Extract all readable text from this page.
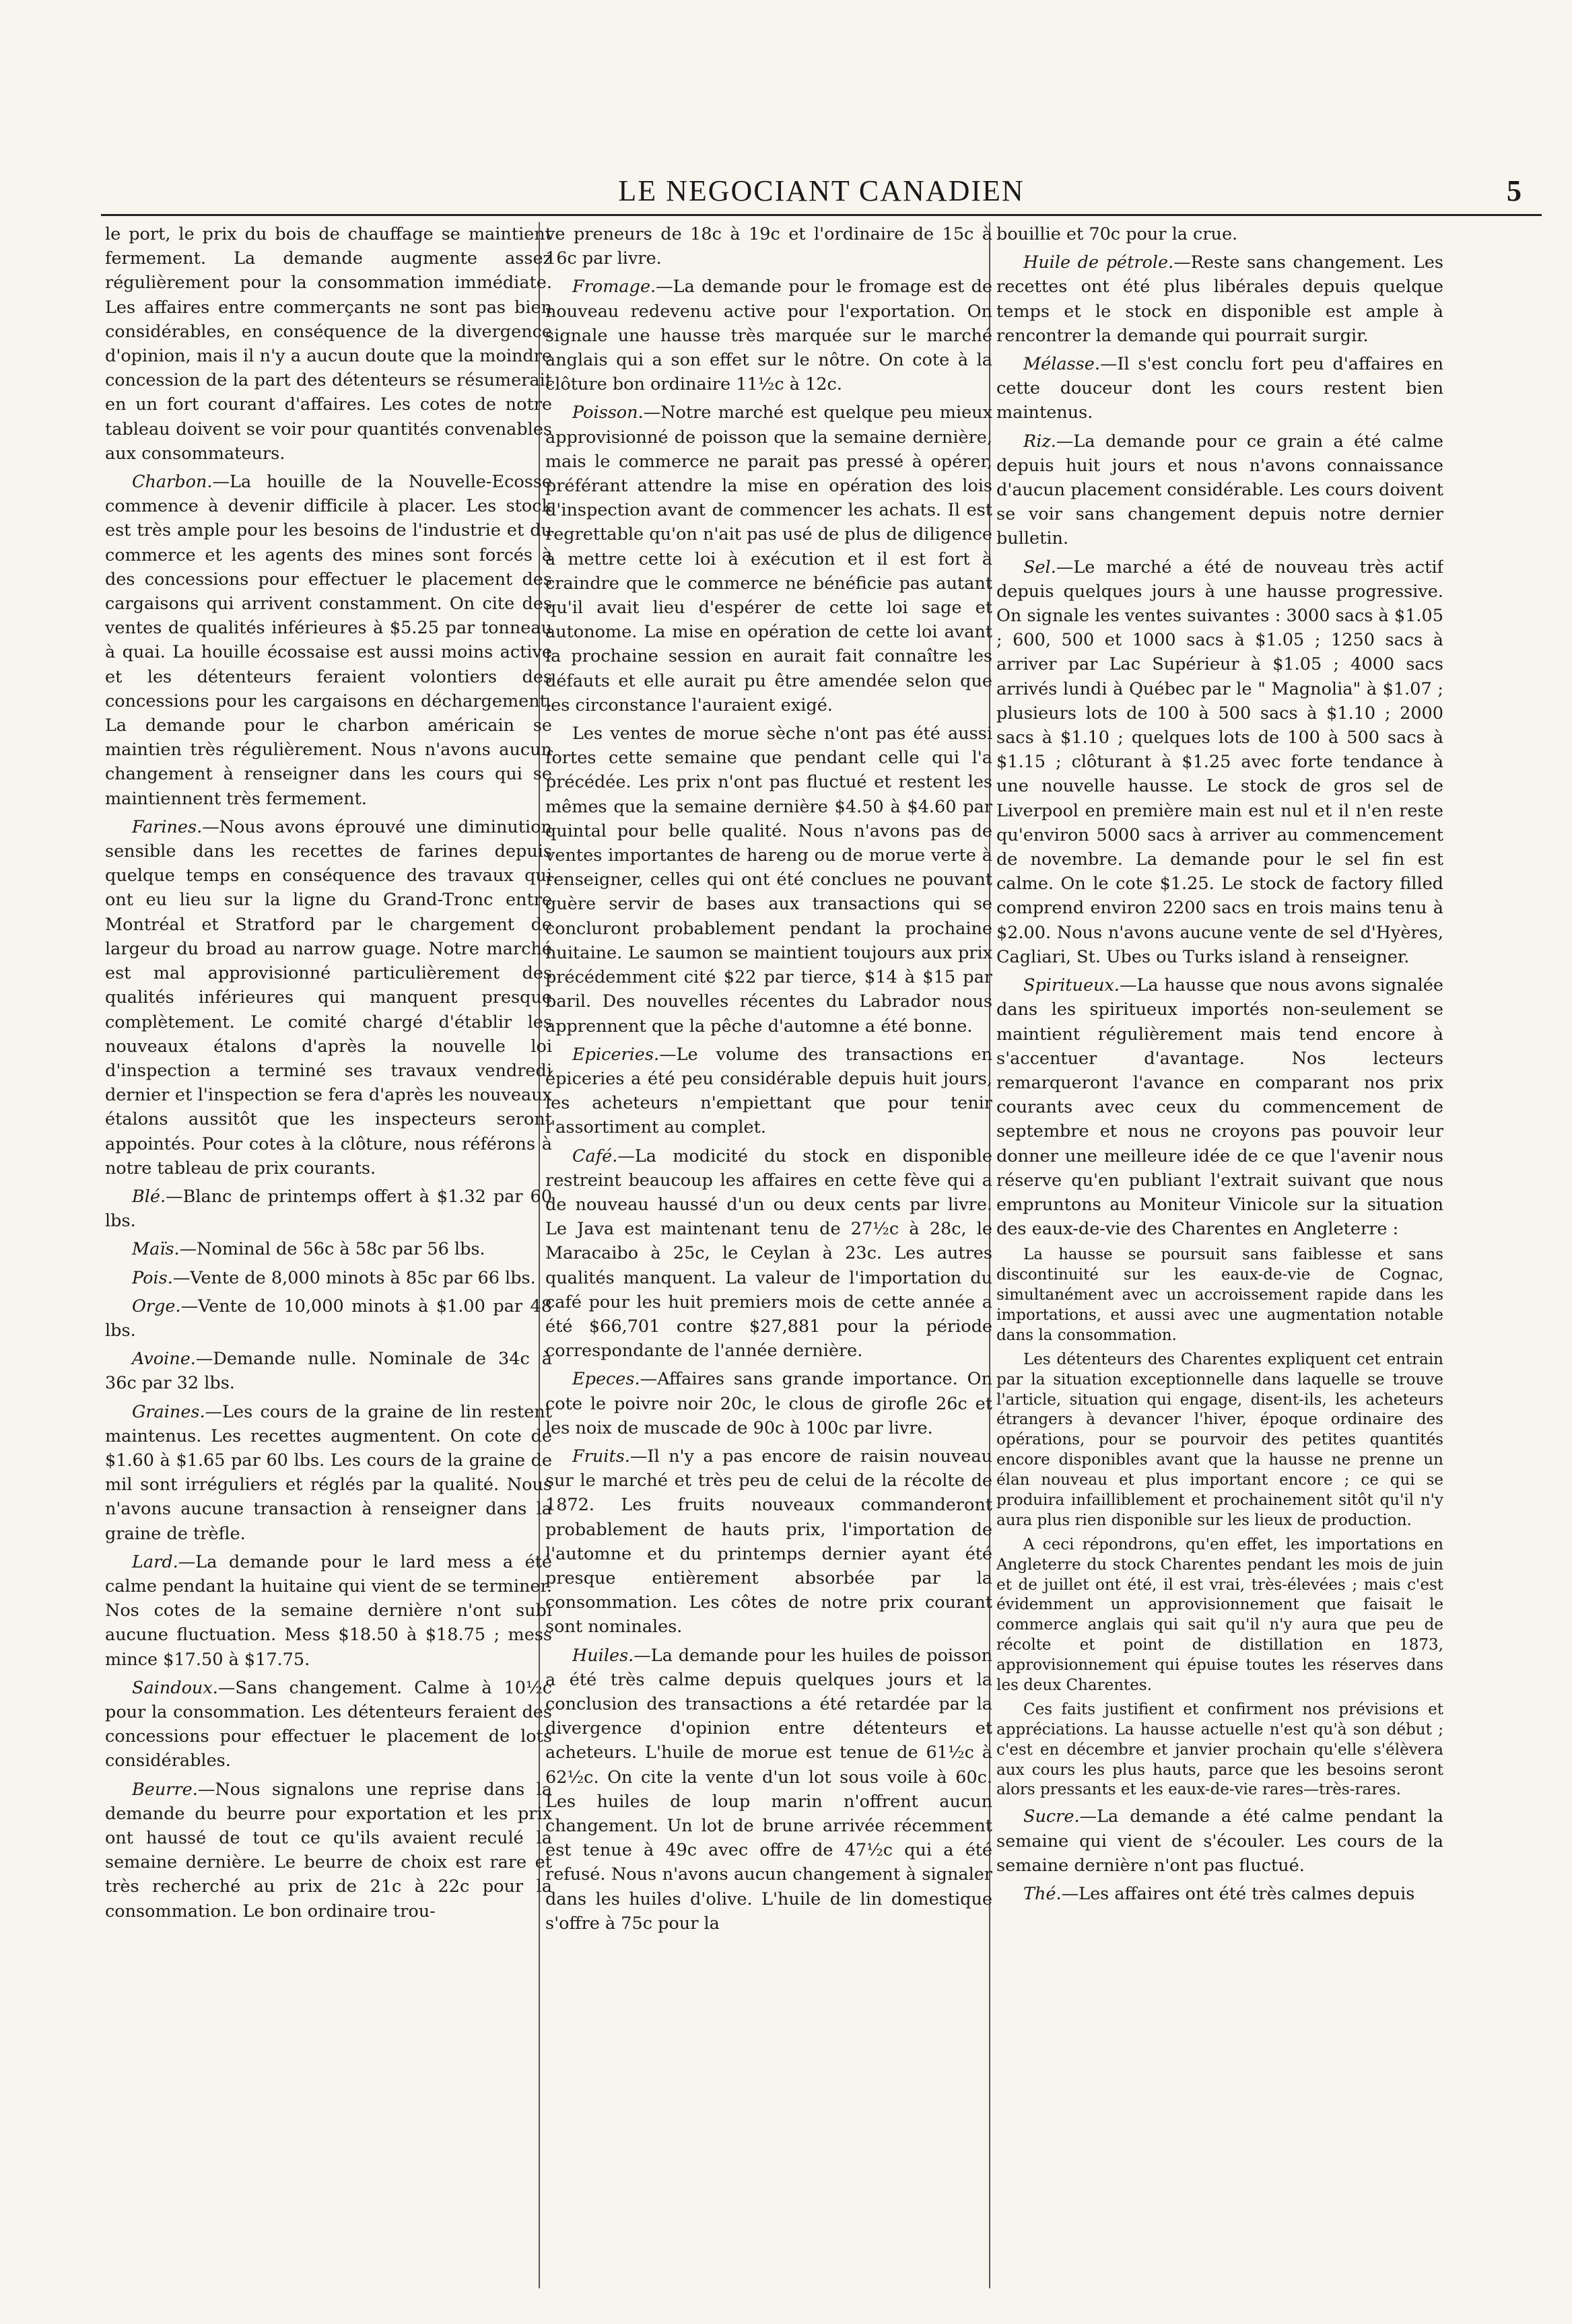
LE NEGOCIANT CANADIEN	5

le port, le prix du bois de chauffage se maintient fermement. La demande augmente assez régulièrement pour la consommation immédiate. Les affaires entre commerçants ne sont pas bien considérables, en conséquence de la divergence d'opinion, mais il n'y a aucun doute que la moindre concession de la part des détenteurs se résumerait en un fort courant d'affaires. Les cotes de notre tableau doivent se voir pour quantités convenables aux consommateurs.

Charbon.—La houille de la Nouvelle-Ecosse commence à devenir difficile à placer. Les stock est très ample pour les besoins de l'industrie et du commerce et les agents des mines sont forcés à des concessions pour effectuer le placement des cargaisons qui arrivent constamment. On cite des ventes de qualités inférieures à $5.25 par tonneau à quai. La houille écossaise est aussi moins active et les détenteurs feraient volontiers des concessions pour les cargaisons en déchargement. La demande pour le charbon américain se maintien très régulièrement. Nous n'avons aucun changement à renseigner dans les cours qui se maintiennent très fermement.

Farines.—Nous avons éprouvé une diminution sensible dans les recettes de farines depuis quelque temps en conséquence des travaux qui ont eu lieu sur la ligne du Grand-Tronc entre Montréal et Stratford par le chargement de largeur du broad au narrow guage. Notre marché est mal approvisionné particulièrement des qualités inférieures qui manquent presque complètement. Le comité chargé d'établir les nouveaux étalons d'après la nouvelle loi d'inspection a terminé ses travaux vendredi dernier et l'inspection se fera d'après les nouveaux étalons aussitôt que les inspecteurs seront appointés. Pour cotes à la clôture, nous référons à notre tableau de prix courants.

Blé.—Blanc de printemps offert à $1.32 par 60 lbs.

Maïs.—Nominal de 56c à 58c par 56 lbs.

Pois.—Vente de 8,000 minots à 85c par 66 lbs.

Orge.—Vente de 10,000 minots à $1.00 par 48 lbs.

Avoine.—Demande nulle. Nominale de 34c à 36c par 32 lbs.

Graines.—Les cours de la graine de lin restent maintenus. Les recettes augmentent. On cote de $1.60 à $1.65 par 60 lbs. Les cours de la graine de mil sont irréguliers et réglés par la qualité. Nous n'avons aucune transaction à renseigner dans la graine de trèfle.

Lard.—La demande pour le lard mess a été calme pendant la huitaine qui vient de se terminer. Nos cotes de la semaine dernière n'ont subi aucune fluctuation. Mess $18.50 à $18.75 ; mess mince $17.50 à $17.75.

Saindoux.—Sans changement. Calme à 10½c pour la consommation. Les détenteurs feraient des concessions pour effectuer le placement de lots considérables.

Beurre.—Nous signalons une reprise dans la demande du beurre pour exportation et les prix ont haussé de tout ce qu'ils avaient reculé la semaine dernière. Le beurre de choix est rare et très recherché au prix de 21c à 22c pour la consommation. Le bon ordinaire trou-

ve preneurs de 18c à 19c et l'ordinaire de 15c à 16c par livre.

Fromage.—La demande pour le fromage est de nouveau redevenu active pour l'exportation. On signale une hausse très marquée sur le marché anglais qui a son effet sur le nôtre. On cote à la clôture bon ordinaire 11½c à 12c.

Poisson.—Notre marché est quelque peu mieux approvisionné de poisson que la semaine dernière, mais le commerce ne parait pas pressé à opérer, préférant attendre la mise en opération des lois d'inspection avant de commencer les achats. Il est regrettable qu'on n'ait pas usé de plus de diligence à mettre cette loi à exécution et il est fort à craindre que le commerce ne bénéficie pas autant qu'il avait lieu d'espérer de cette loi sage et autonome. La mise en opération de cette loi avant la prochaine session en aurait fait connaître les défauts et elle aurait pu être amendée selon que les circonstance l'auraient exigé.

Les ventes de morue sèche n'ont pas été aussi fortes cette semaine que pendant celle qui l'a précédée. Les prix n'ont pas fluctué et restent les mêmes que la semaine dernière $4.50 à $4.60 par quintal pour belle qualité. Nous n'avons pas de ventes importantes de hareng ou de morue verte à renseigner, celles qui ont été conclues ne pouvant guère servir de bases aux transactions qui se concluront probablement pendant la prochaine huitaine. Le saumon se maintient toujours aux prix précédemment cité $22 par tierce, $14 à $15 par baril. Des nouvelles récentes du Labrador nous apprennent que la pêche d'automne a été bonne.

Epiceries.—Le volume des transactions en épiceries a été peu considérable depuis huit jours, les acheteurs n'empiettant que pour tenir l'assortiment au complet.

Café.—La modicité du stock en disponible restreint beaucoup les affaires en cette fève qui a de nouveau haussé d'un ou deux cents par livre. Le Java est maintenant tenu de 27½c à 28c, le Maracaibo à 25c, le Ceylan à 23c. Les autres qualités manquent. La valeur de l'importation du café pour les huit premiers mois de cette année a été $66,701 contre $27,881 pour la période correspondante de l'année dernière.

Epeces.—Affaires sans grande importance. On cote le poivre noir 20c, le clous de girofle 26c et les noix de muscade de 90c à 100c par livre.

Fruits.—Il n'y a pas encore de raisin nouveau sur le marché et très peu de celui de la récolte de 1872. Les fruits nouveaux commanderont probablement de hauts prix, l'importation de l'automne et du printemps dernier ayant été presque entièrement absorbée par la consommation. Les côtes de notre prix courant sont nominales.

Huiles.—La demande pour les huiles de poisson a été très calme depuis quelques jours et la conclusion des transactions a été retardée par la divergence d'opinion entre détenteurs et acheteurs. L'huile de morue est tenue de 61½c à 62½c. On cite la vente d'un lot sous voile à 60c. Les huiles de loup marin n'offrent aucun changement. Un lot de brune arrivée récemment est tenue à 49c avec offre de 47½c qui a été refusé. Nous n'avons aucun changement à signaler dans les huiles d'olive. L'huile de lin domestique s'offre à 75c pour la

bouillie et 70c pour la crue.

Huile de pétrole.—Reste sans changement. Les recettes ont été plus libérales depuis quelque temps et le stock en disponible est ample à rencontrer la demande qui pourrait surgir.

Mélasse.—Il s'est conclu fort peu d'affaires en cette douceur dont les cours restent bien maintenus.

Riz.—La demande pour ce grain a été calme depuis huit jours et nous n'avons connaissance d'aucun placement considérable. Les cours doivent se voir sans changement depuis notre dernier bulletin.

Sel.—Le marché a été de nouveau très actif depuis quelques jours à une hausse progressive. On signale les ventes suivantes : 3000 sacs à $1.05 ; 600, 500 et 1000 sacs à $1.05 ; 1250 sacs à arriver par Lac Supérieur à $1.05 ; 4000 sacs arrivés lundi à Québec par le " Magnolia" à $1.07 ; plusieurs lots de 100 à 500 sacs à $1.10 ; 2000 sacs à $1.10 ; quelques lots de 100 à 500 sacs à $1.15 ; clôturant à $1.25 avec forte tendance à une nouvelle hausse. Le stock de gros sel de Liverpool en première main est nul et il n'en reste qu'environ 5000 sacs à arriver au commencement de novembre. La demande pour le sel fin est calme. On le cote $1.25. Le stock de factory filled comprend environ 2200 sacs en trois mains tenu à $2.00. Nous n'avons aucune vente de sel d'Hyères, Cagliari, St. Ubes ou Turks island à renseigner.

Spiritueux.—La hausse que nous avons signalée dans les spiritueux importés non-seulement se maintient régulièrement mais tend encore à s'accentuer d'avantage. Nos lecteurs remarqueront l'avance en comparant nos prix courants avec ceux du commencement de septembre et nous ne croyons pas pouvoir leur donner une meilleure idée de ce que l'avenir nous réserve qu'en publiant l'extrait suivant que nous empruntons au Moniteur Vinicole sur la situation des eaux-de-vie des Charentes en Angleterre :

La hausse se poursuit sans faiblesse et sans discontinuité sur les eaux-de-vie de Cognac, simultanément avec un accroissement rapide dans les importations, et aussi avec une augmentation notable dans la consommation.

Les détenteurs des Charentes expliquent cet entrain par la situation exceptionnelle dans laquelle se trouve l'article, situation qui engage, disent-ils, les acheteurs étrangers à devancer l'hiver, époque ordinaire des opérations, pour se pourvoir des petites quantités encore disponibles avant que la hausse ne prenne un élan nouveau et plus important encore ; ce qui se produira infailliblement et prochainement sitôt qu'il n'y aura plus rien disponible sur les lieux de production.

A ceci répondrons, qu'en effet, les importations en Angleterre du stock Charentes pendant les mois de juin et de juillet ont été, il est vrai, très-élevées ; mais c'est évidemment un approvisionnement que faisait le commerce anglais qui sait qu'il n'y aura que peu de récolte et point de distillation en 1873, approvisionnement qui épuise toutes les réserves dans les deux Charentes.

Ces faits justifient et confirment nos prévisions et appréciations. La hausse actuelle n'est qu'à son début ; c'est en décembre et janvier prochain qu'elle s'élèvera aux cours les plus hauts, parce que les besoins seront alors pressants et les eaux-de-vie rares—très-rares.

Sucre.—La demande a été calme pendant la semaine qui vient de s'écouler. Les cours de la semaine dernière n'ont pas fluctué.

Thé.—Les affaires ont été très calmes depuis
